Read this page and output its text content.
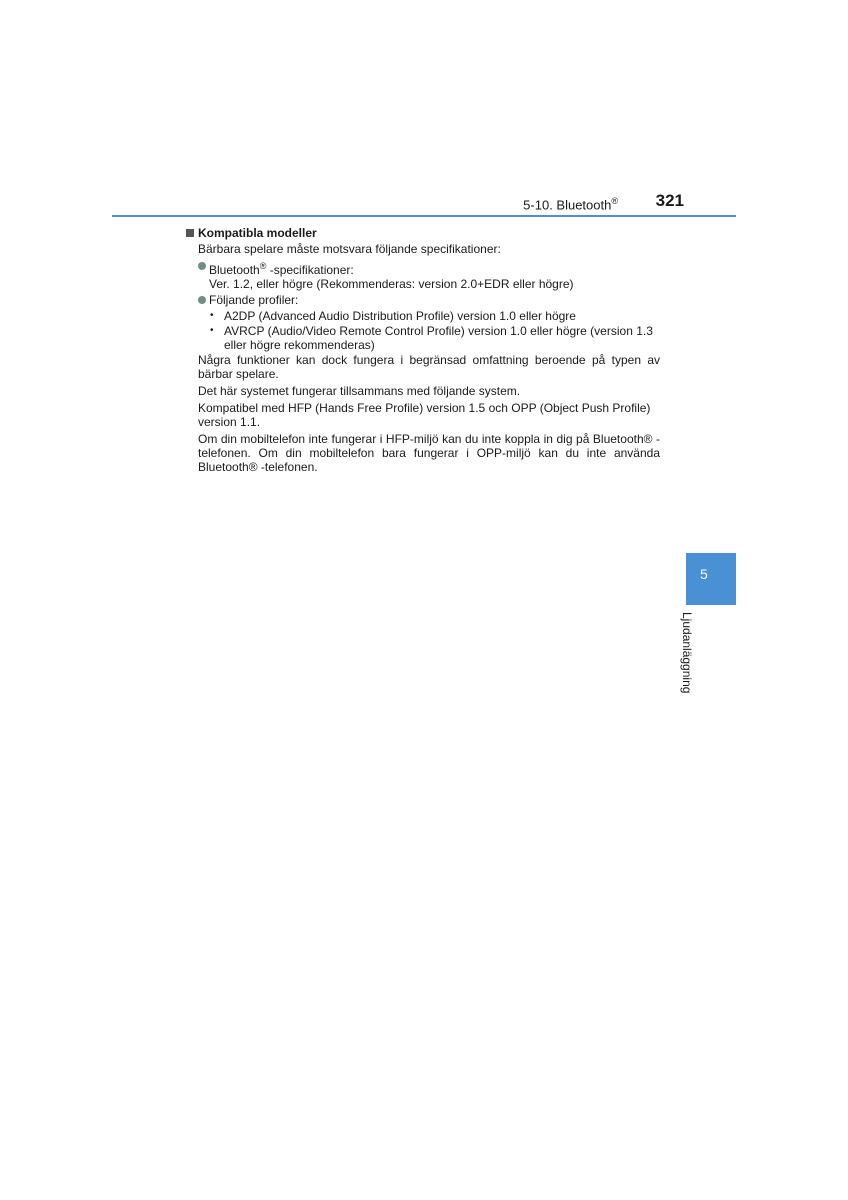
5-10. Bluetooth® 321
Kompatibla modeller

Bärbara spelare måste motsvara följande specifikationer:

Bluetooth® -specifikationer:
Ver. 1.2, eller högre (Rekommenderas: version 2.0+EDR eller högre)
Följande profiler:
• A2DP (Advanced Audio Distribution Profile) version 1.0 eller högre
• AVRCP (Audio/Video Remote Control Profile) version 1.0 eller högre (version 1.3 eller högre rekommenderas)

Några funktioner kan dock fungera i begränsad omfattning beroende på typen av bärbar spelare.

Det här systemet fungerar tillsammans med följande system.

Kompatibel med HFP (Hands Free Profile) version 1.5 och OPP (Object Push Profile) version 1.1.

Om din mobiltelefon inte fungerar i HFP-miljö kan du inte koppla in dig på Bluetooth® -telefonen. Om din mobiltelefon bara fungerar i OPP-miljö kan du inte använda Bluetooth® -telefonen.

5
Ljudanläggning
